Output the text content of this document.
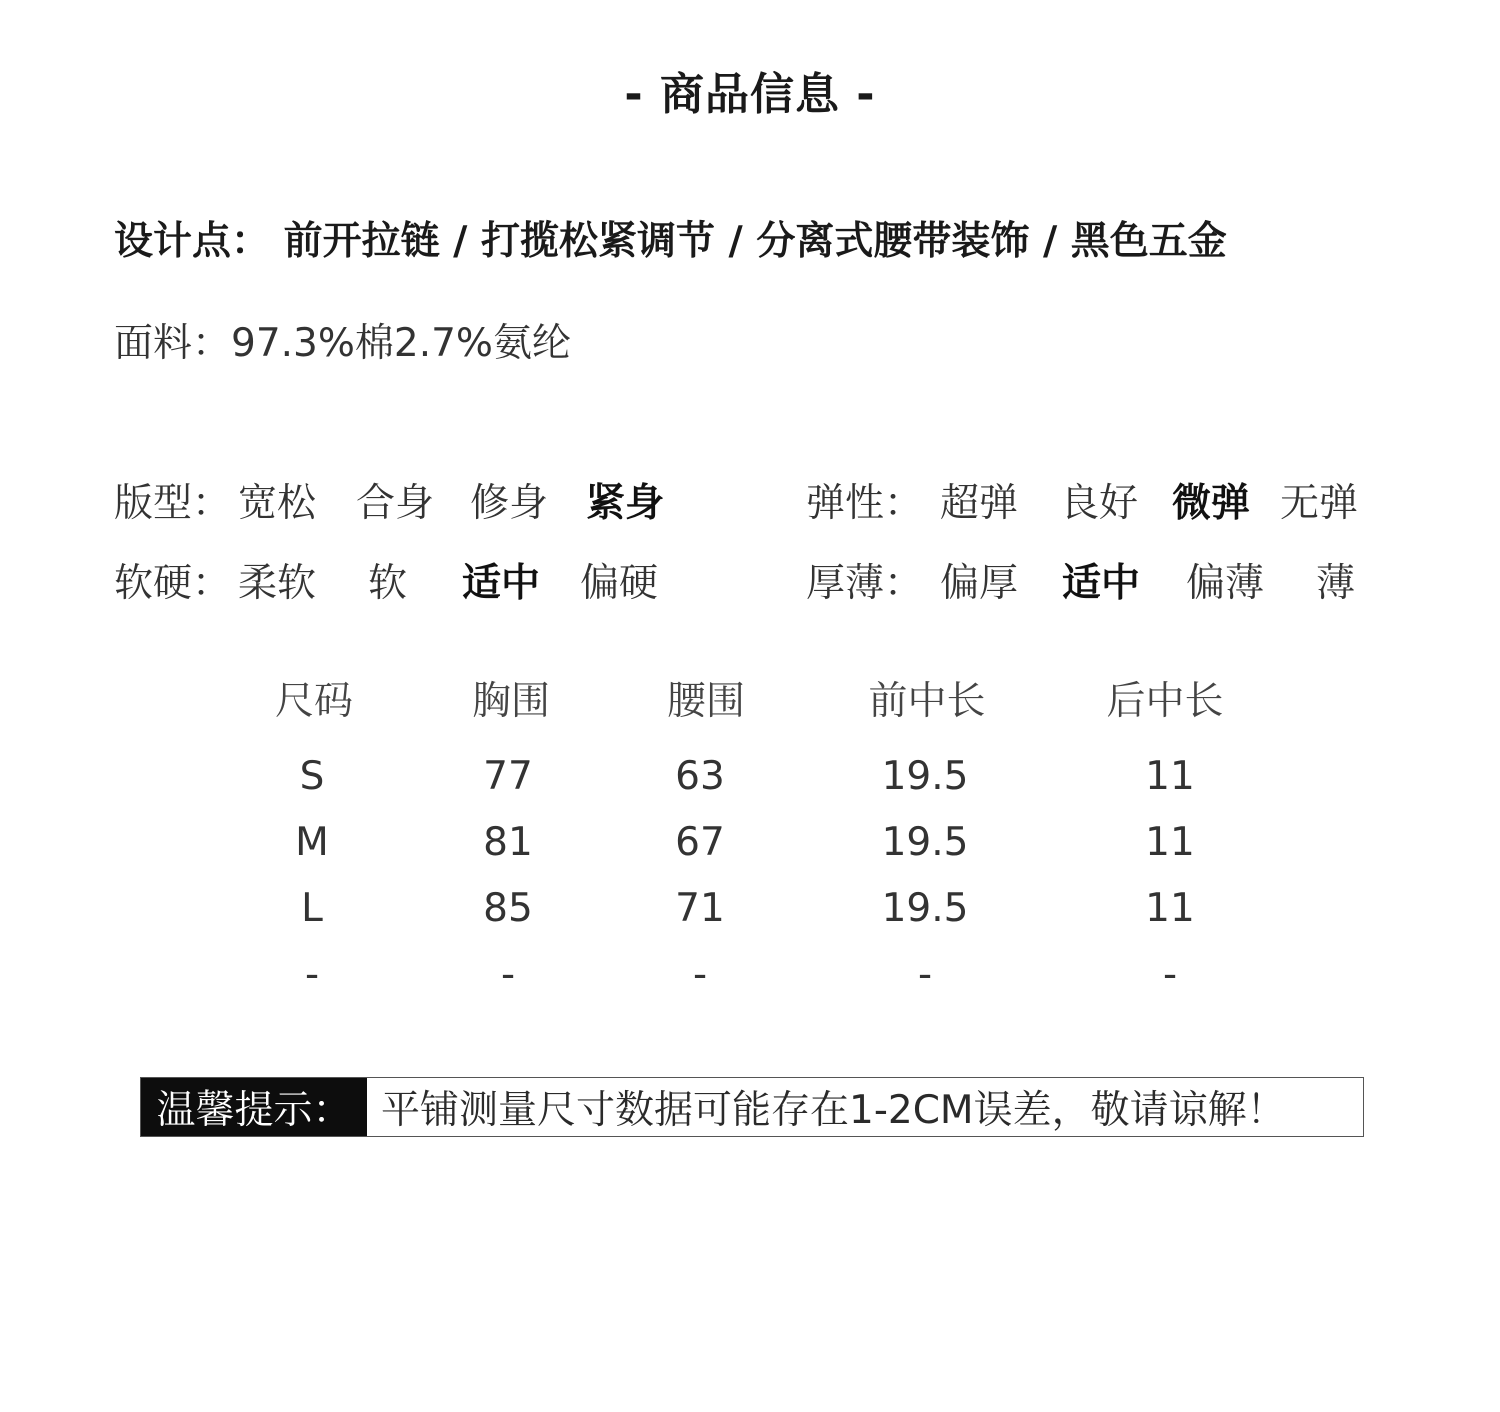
- 商品信息 -
设计点： 前开拉链 / 打揽松紧调节 / 分离式腰带装饰 / 黑色五金
面料：97.3%棉2.7%氨纶
版型： 宽松 合身 修身 紧身	弹性： 超弹 良好 微弹 无弹
软硬： 柔软 软 适中 偏硬	厚薄： 偏厚 适中 偏薄 薄
尺码	胸围	腰围	前中长	后中长
S	77	63	19.5	11
M	81	67	19.5	11
L	85	71	19.5	11
-	-	-	-	-
温馨提示： 平铺测量尺寸数据可能存在1-2CM误差，敬请谅解！
